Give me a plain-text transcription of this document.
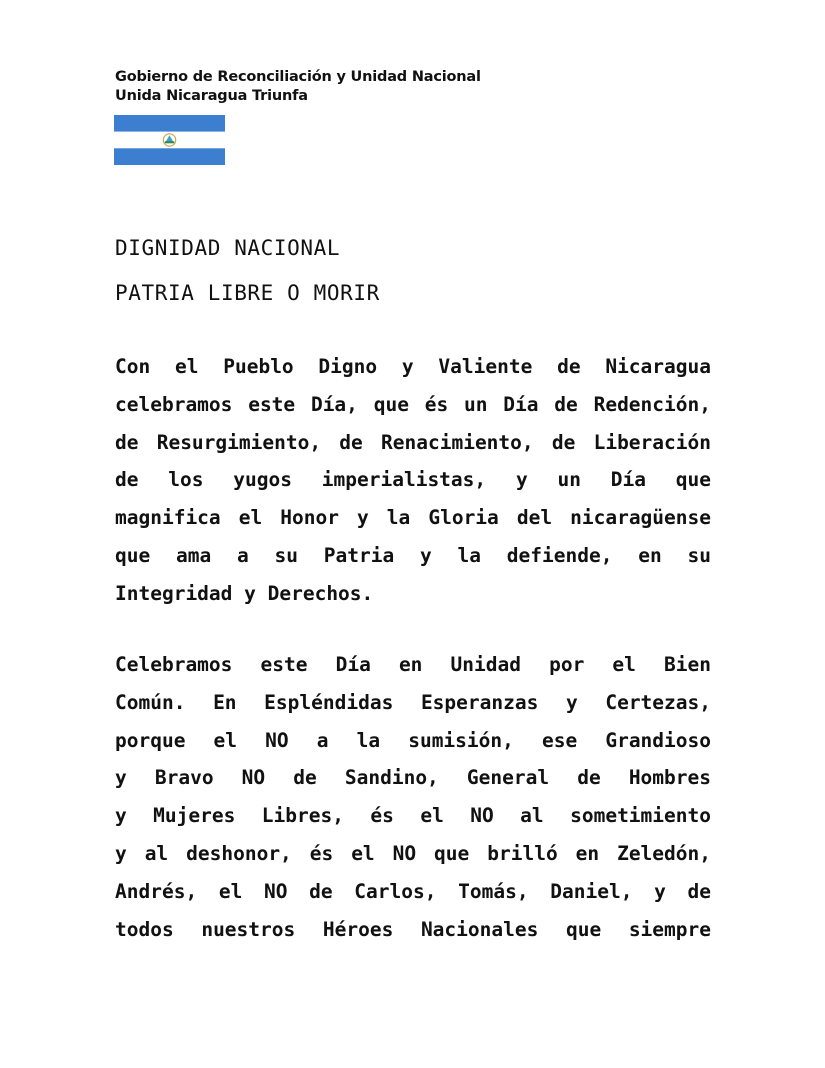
Gobierno de Reconciliación y Unidad Nacional
Unida Nicaragua Triunfa
DIGNIDAD NACIONAL
PATRIA LIBRE O MORIR
Con el Pueblo Digno y Valiente de Nicaragua
celebramos este Día, que és un Día de Redención,
de Resurgimiento, de Renacimiento, de Liberación
de los yugos imperialistas, y un Día que
magnifica el Honor y la Gloria del nicaragüense
que ama a su Patria y la defiende, en su
Integridad y Derechos.
Celebramos este Día en Unidad por el Bien
Común. En Espléndidas Esperanzas y Certezas,
porque el NO a la sumisión, ese Grandioso
y Bravo NO de Sandino, General de Hombres
y Mujeres Libres, és el NO al sometimiento
y al deshonor, és el NO que brilló en Zeledón,
Andrés, el NO de Carlos, Tomás, Daniel, y de
todos nuestros Héroes Nacionales que siempre
